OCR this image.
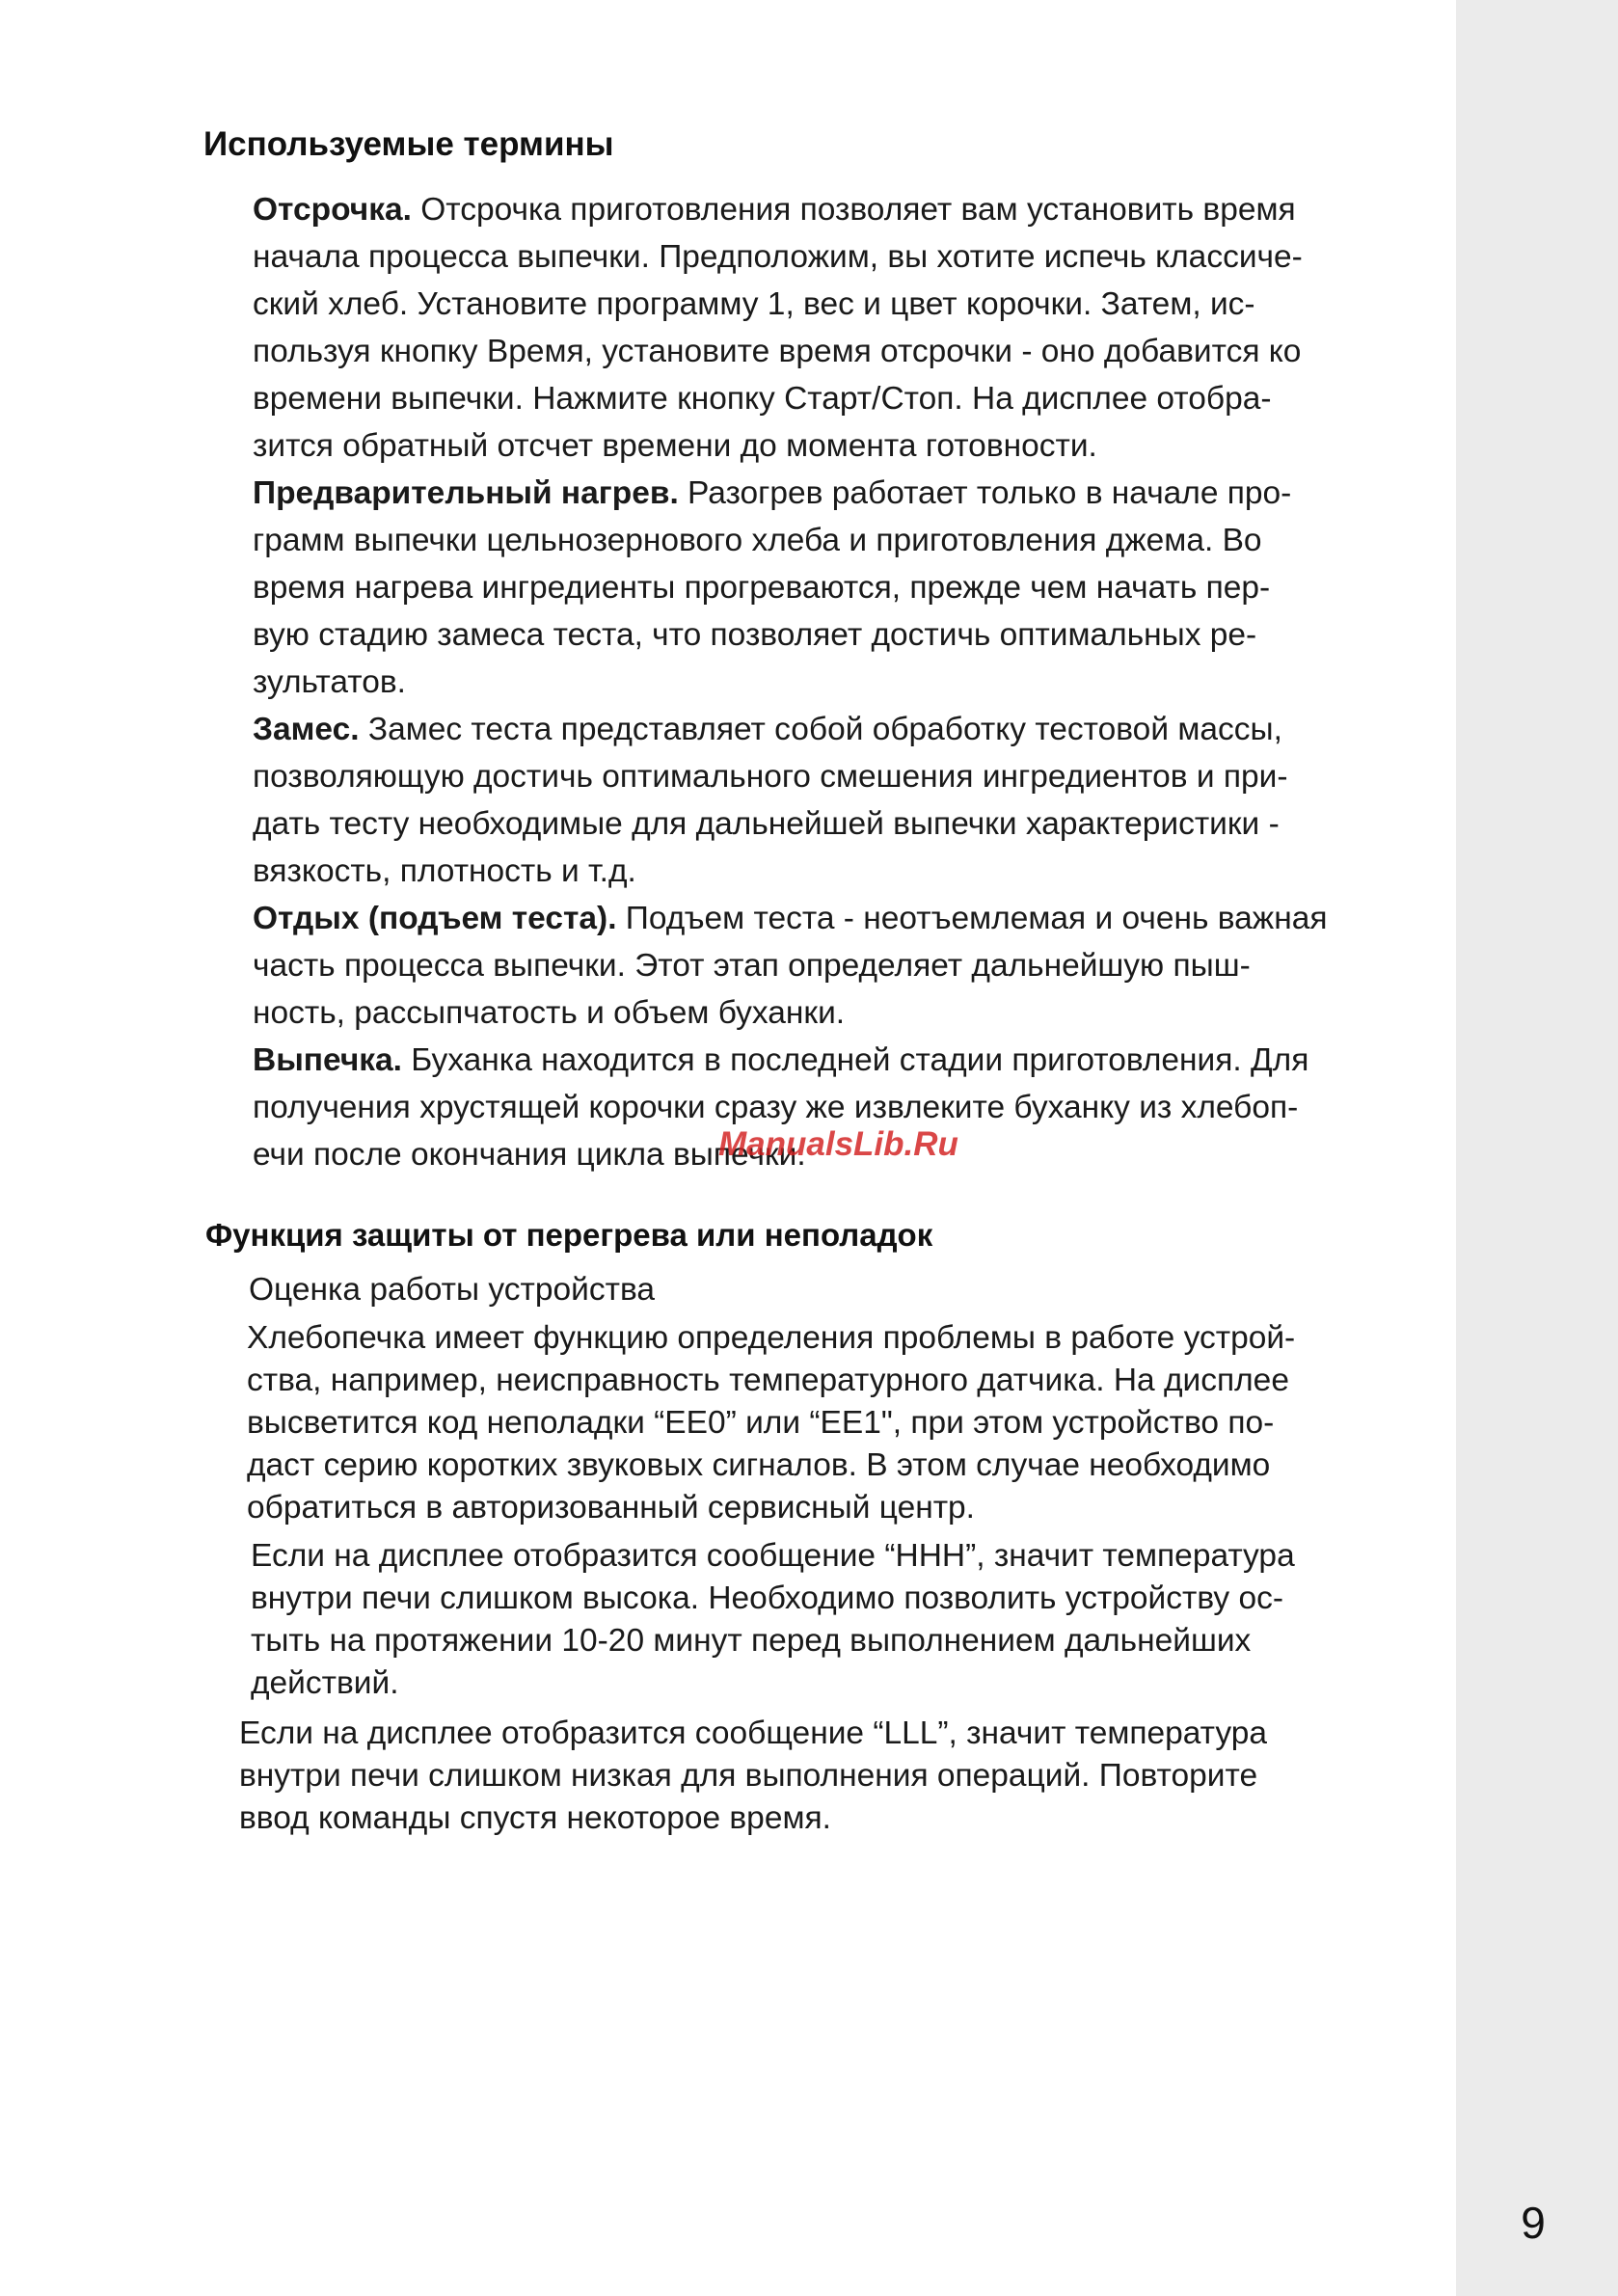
Используемые термины

Отсрочка. Отсрочка приготовления позволяет вам установить время
начала процесса выпечки. Предположим, вы хотите испечь классиче-
ский хлеб. Установите программу 1, вес и цвет корочки. Затем, ис-
пользуя кнопку Время, установите время отсрочки - оно добавится ко
времени выпечки. Нажмите кнопку Старт/Стоп. На дисплее отобра-
зится обратный отсчет времени до момента готовности.

Предварительный нагрев. Разогрев работает только в начале про-
грамм выпечки цельнозернового хлеба и приготовления джема. Во
время нагрева ингредиенты прогреваются, прежде чем начать пер-
вую стадию замеса теста, что позволяет достичь оптимальных ре-
зультатов.

Замес. Замес теста представляет собой обработку тестовой массы,
позволяющую достичь оптимального смешения ингредиентов и при-
дать тесту необходимые для дальнейшей выпечки характеристики -
вязкость, плотность и т.д.

Отдых (подъем теста). Подъем теста - неотъемлемая и очень важная
часть процесса выпечки. Этот этап определяет дальнейшую пыш-
ность, рассыпчатость и объем буханки.

Выпечка. Буханка находится в последней стадии приготовления. Для
получения хрустящей корочки сразу же извлеките буханку из хлебоп-
ечи после окончания цикла выпечки.

ManualsLib.Ru
Функция защиты от перегрева или неполадок

Оценка работы устройства

Хлебопечка имеет функцию определения проблемы в работе устрой-
ства, например, неисправность температурного датчика. На дисплее
высветится код неполадки “EE0” или “EE1", при этом устройство по-
даст серию коротких звуковых сигналов. В этом случае необходимо
обратиться в авторизованный сервисный центр.

Если на дисплее отобразится сообщение “HHH”, значит температура
внутри печи слишком высока. Необходимо позволить устройству ос-
тыть на протяжении 10-20 минут перед выполнением дальнейших
действий.

Если на дисплее отобразится сообщение “LLL”, значит температура
внутри печи слишком низкая для выполнения операций. Повторите
ввод команды спустя некоторое время.

9
